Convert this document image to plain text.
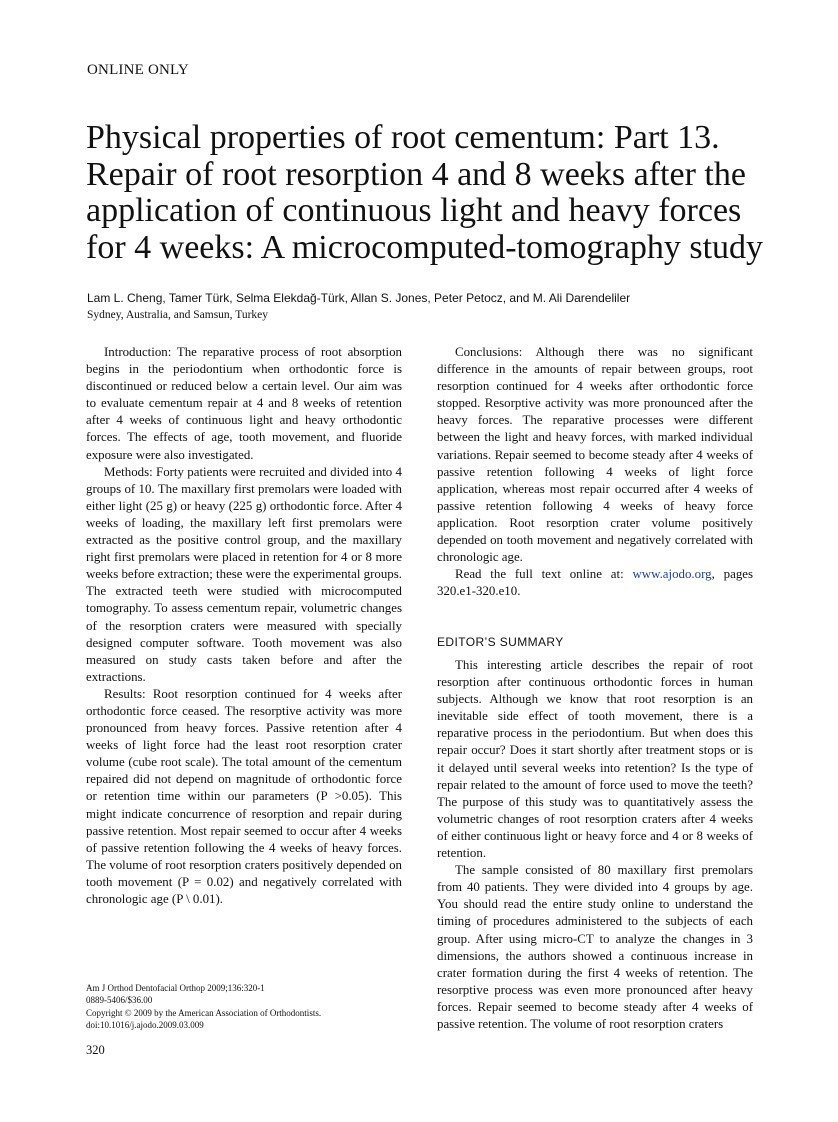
ONLINE ONLY
Physical properties of root cementum: Part 13.
Repair of root resorption 4 and 8 weeks after the
application of continuous light and heavy forces
for 4 weeks: A microcomputed-tomography study
Lam L. Cheng, Tamer Türk, Selma Elekdağ-Türk, Allan S. Jones, Peter Petocz, and M. Ali Darendeliler
Sydney, Australia, and Samsun, Turkey

Introduction: The reparative process of root absorption begins in the periodontium when orthodontic force is discontinued or reduced below a certain level. Our aim was to evaluate cementum repair at 4 and 8 weeks of retention after 4 weeks of continuous light and heavy orthodontic forces. The effects of age, tooth movement, and fluoride exposure were also investigated.

Methods: Forty patients were recruited and divided into 4 groups of 10. The maxillary first premolars were loaded with either light (25 g) or heavy (225 g) orthodontic force. After 4 weeks of loading, the maxillary left first premolars were extracted as the positive control group, and the maxillary right first premolars were placed in retention for 4 or 8 more weeks before extraction; these were the experimental groups. The extracted teeth were studied with microcomputed tomography. To assess cementum repair, volumetric changes of the resorption craters were measured with specially designed computer software. Tooth movement was also measured on study casts taken before and after the extractions.

Results: Root resorption continued for 4 weeks after orthodontic force ceased. The resorptive activity was more pronounced from heavy forces. Passive retention after 4 weeks of light force had the least root resorption crater volume (cube root scale). The total amount of the cementum repaired did not depend on magnitude of orthodontic force or retention time within our parameters (P >0.05). This might indicate concurrence of resorption and repair during passive retention. Most repair seemed to occur after 4 weeks of passive retention following the 4 weeks of heavy forces. The volume of root resorption craters positively depended on tooth movement (P = 0.02) and negatively correlated with chronologic age (P \ 0.01).

Conclusions: Although there was no significant difference in the amounts of repair between groups, root resorption continued for 4 weeks after orthodontic force stopped. Resorptive activity was more pronounced after the heavy forces. The reparative processes were different between the light and heavy forces, with marked individual variations. Repair seemed to become steady after 4 weeks of passive retention following 4 weeks of light force application, whereas most repair occurred after 4 weeks of passive retention following 4 weeks of heavy force application. Root resorption crater volume positively depended on tooth movement and negatively correlated with chronologic age.

Read the full text online at: www.ajodo.org, pages 320.e1-320.e10.

EDITOR’S SUMMARY

This interesting article describes the repair of root resorption after continuous orthodontic forces in human subjects. Although we know that root resorption is an inevitable side effect of tooth movement, there is a reparative process in the periodontium. But when does this repair occur? Does it start shortly after treatment stops or is it delayed until several weeks into retention? Is the type of repair related to the amount of force used to move the teeth? The purpose of this study was to quantitatively assess the volumetric changes of root resorption craters after 4 weeks of either continuous light or heavy force and 4 or 8 weeks of retention.

The sample consisted of 80 maxillary first premolars from 40 patients. They were divided into 4 groups by age. You should read the entire study online to understand the timing of procedures administered to the subjects of each group. After using micro-CT to analyze the changes in 3 dimensions, the authors showed a continuous increase in crater formation during the first 4 weeks of retention. The resorptive process was even more pronounced after heavy forces. Repair seemed to become steady after 4 weeks of passive retention. The volume of root resorption craters

Am J Orthod Dentofacial Orthop 2009;136:320-1
0889-5406/$36.00
Copyright © 2009 by the American Association of Orthodontists.
doi:10.1016/j.ajodo.2009.03.009
320
